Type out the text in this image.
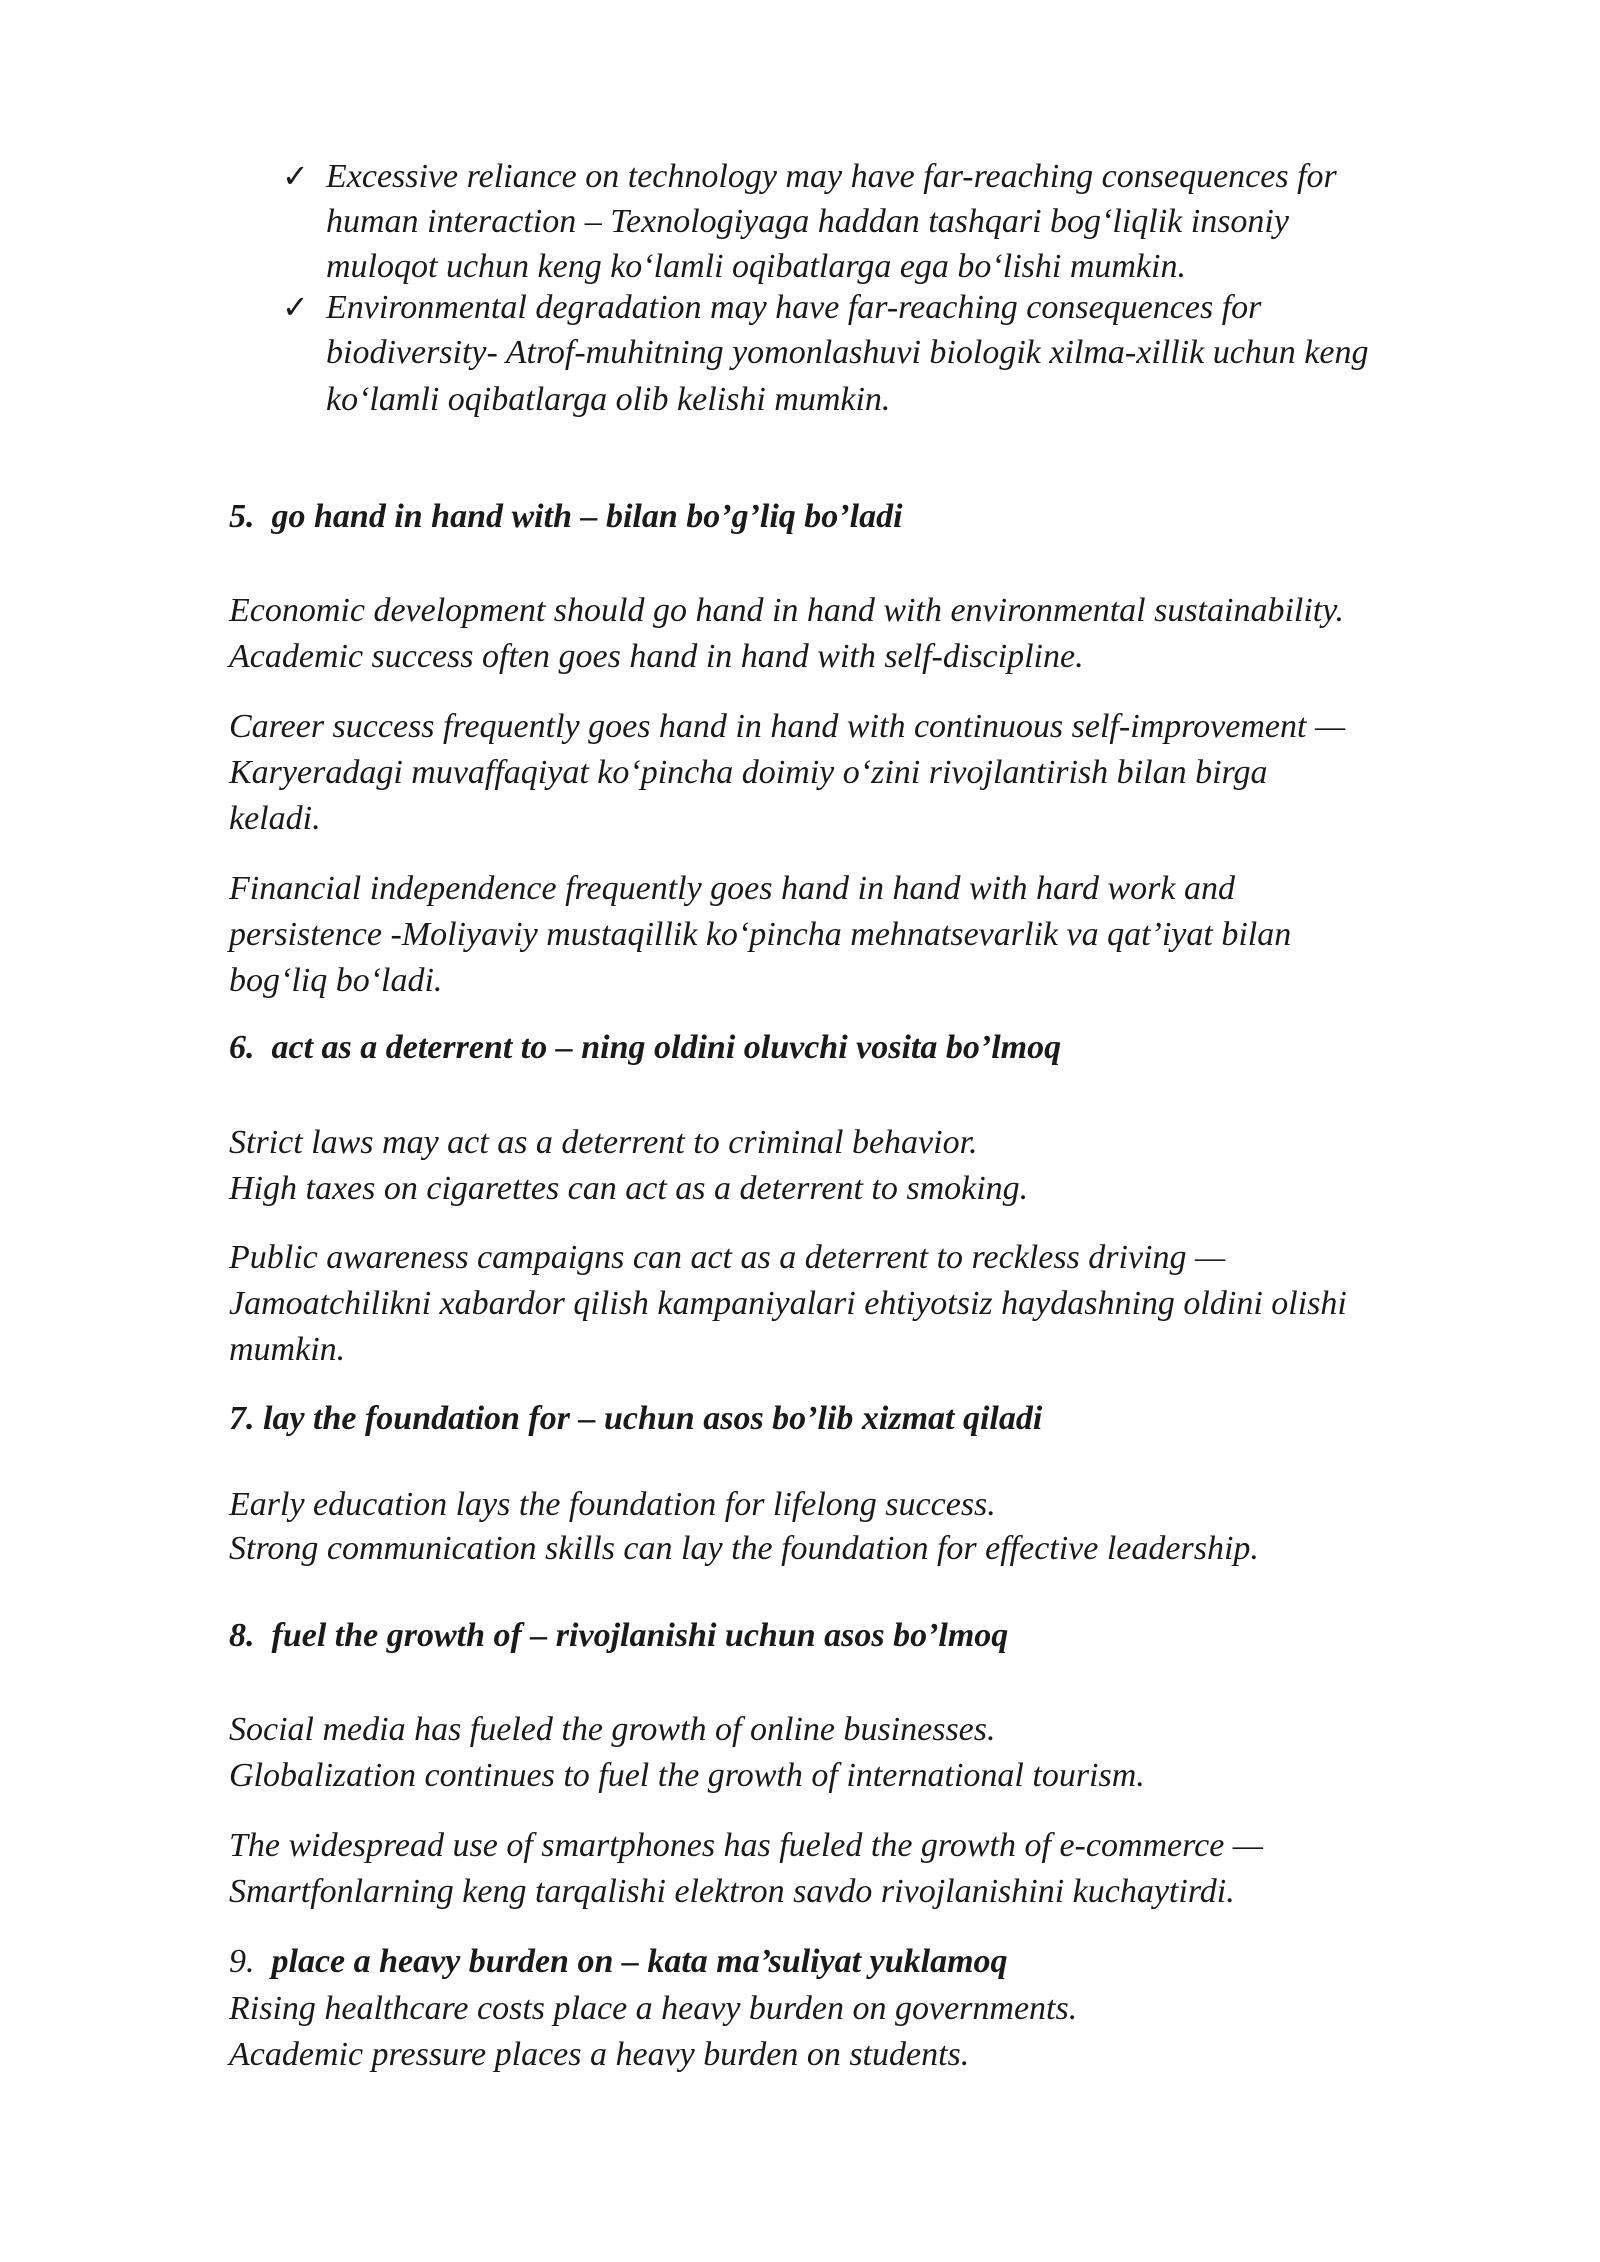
✓ Excessive reliance on technology may have far-reaching consequences for
human interaction – Texnologiyaga haddan tashqari bog‘liqlik insoniy
muloqot uchun keng ko‘lamli oqibatlarga ega bo‘lishi mumkin.
✓ Environmental degradation may have far-reaching consequences for
biodiversity- Atrof-muhitning yomonlashuvi biologik xilma-xillik uchun keng
ko‘lamli oqibatlarga olib kelishi mumkin.
5. go hand in hand with – bilan bo’g’liq bo’ladi
Economic development should go hand in hand with environmental sustainability.
Academic success often goes hand in hand with self-discipline.
Career success frequently goes hand in hand with continuous self-improvement —
Karyeradagi muvaffaqiyat ko‘pincha doimiy o‘zini rivojlantirish bilan birga
keladi.
Financial independence frequently goes hand in hand with hard work and
persistence -Moliyaviy mustaqillik ko‘pincha mehnatsevarlik va qat’iyat bilan
bog‘liq bo‘ladi.
6. act as a deterrent to – ning oldini oluvchi vosita bo’lmoq
Strict laws may act as a deterrent to criminal behavior.
High taxes on cigarettes can act as a deterrent to smoking.
Public awareness campaigns can act as a deterrent to reckless driving —
Jamoatchilikni xabardor qilish kampaniyalari ehtiyotsiz haydashning oldini olishi
mumkin.
7. lay the foundation for – uchun asos bo’lib xizmat qiladi
Early education lays the foundation for lifelong success.
Strong communication skills can lay the foundation for effective leadership.
8. fuel the growth of – rivojlanishi uchun asos bo’lmoq
Social media has fueled the growth of online businesses.
Globalization continues to fuel the growth of international tourism.
The widespread use of smartphones has fueled the growth of e-commerce —
Smartfonlarning keng tarqalishi elektron savdo rivojlanishini kuchaytirdi.
9. place a heavy burden on – kata ma’suliyat yuklamoq
Rising healthcare costs place a heavy burden on governments.
Academic pressure places a heavy burden on students.
